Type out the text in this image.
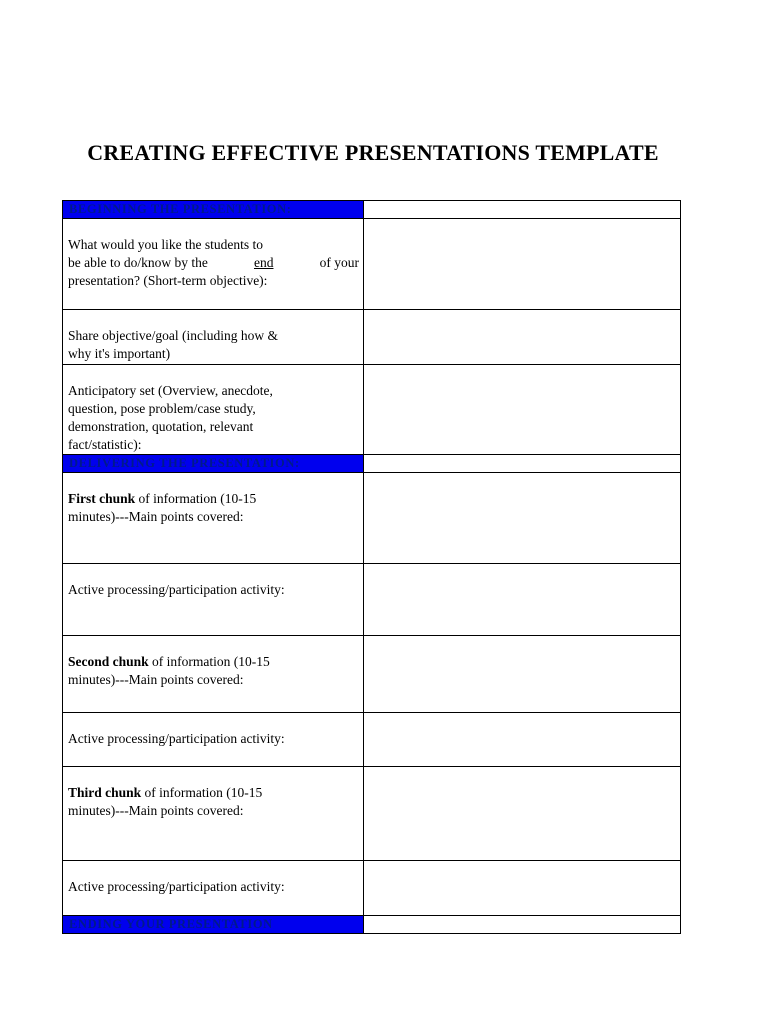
CREATING EFFECTIVE PRESENTATIONS TEMPLATE
BEGINNING THE PRESENTATION:	

What would you like the students to
be able to do/know by the end of your
presentation? (Short-term objective):	

Share objective/goal (including how &
why it's important)	

Anticipatory set (Overview, anecdote,
question, pose problem/case study,
demonstration, quotation, relevant
fact/statistic):	

DELIVERING THE PRESENTATION:	

First chunk of information (10-15
minutes)---Main points covered:	

Active processing/participation activity:	

Second chunk of information (10-15
minutes)---Main points covered:	

Active processing/participation activity:	

Third chunk of information (10-15
minutes)---Main points covered:	

Active processing/participation activity:	

ENDING YOUR PRESENTATION	
